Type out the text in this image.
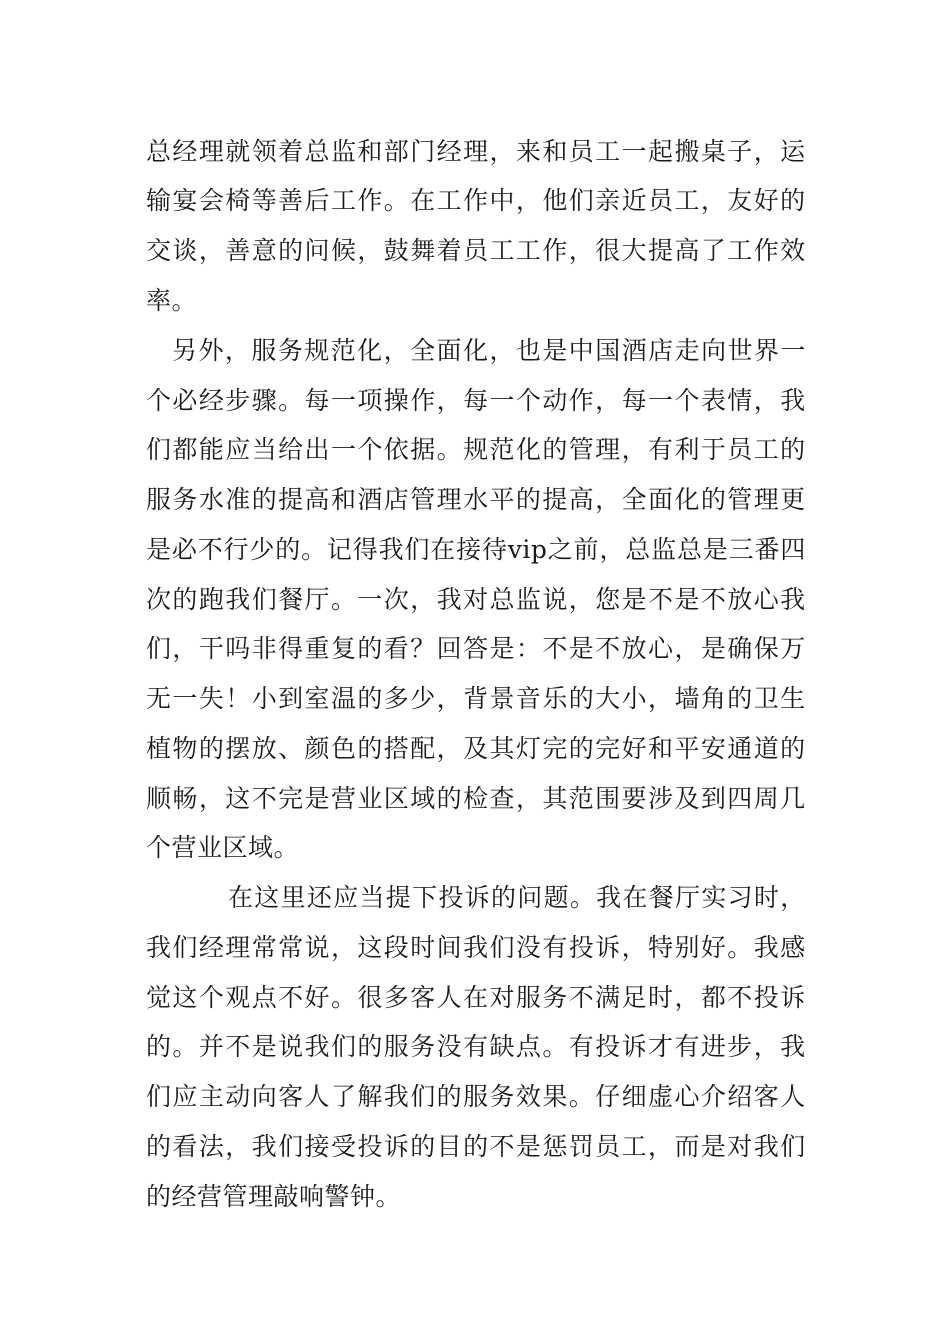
总 经 理 就 领 着 总 监 和 部 门 经 理 ， 来 和 员 工 一 起 搬 桌 子 ， 运
输 宴 会 椅 等 善 后 工 作 。 在 工 作 中 ， 他 们 亲 近 员 工 ， 友 好 的
交 谈 ， 善 意 的 问 候 ， 鼓 舞 着 员 工 工 作 ， 很 大 提 高 了 工 作 效
率。
另 外 ， 服 务 规 范 化 ， 全 面 化 ， 也 是 中 国 酒 店 走 向 世 界 一
个 必 经 步 骤 。 每 一 项 操 作 ， 每 一 个 动 作 ， 每 一 个 表 情 ， 我
们 都 能 应 当 给 出 一 个 依 据 。 规 范 化 的 管 理 ， 有 利 于 员 工 的
服 务 水 准 的 提 高 和 酒 店 管 理 水 平 的 提 高 ， 全 面 化 的 管 理 更
是 必 不 行 少 的 。 记 得 我 们 在 接 待 vip 之 前 ， 总 监 总 是 三 番 四
次 的 跑 我 们 餐 厅 。 一 次 ， 我 对 总 监 说 ， 您 是 不 是 不 放 心 我
们 ， 干 吗 非 得 重 复 的 看 ？ 回 答 是 ： 不 是 不 放 心 ， 是 确 保 万
无 一 失 ！ 小 到 室 温 的 多 少 ， 背 景 音 乐 的 大 小 ， 墙 角 的 卫 生
植 物 的 摆 放 、 颜 色 的 搭 配 ， 及 其 灯 完 的 完 好 和 平 安 通 道 的
顺 畅 ， 这 不 完 是 营 业 区 域 的 检 查 ， 其 范 围 要 涉 及 到 四 周 几
个营业区域。
在 这 里 还 应 当 提 下 投 诉 的 问 题 。 我 在 餐 厅 实 习 时 ，
我 们 经 理 常 常 说 ， 这 段 时 间 我 们 没 有 投 诉 ， 特 别 好 。 我 感
觉 这 个 观 点 不 好 。 很 多 客 人 在 对 服 务 不 满 足 时 ， 都 不 投 诉
的 。 并 不 是 说 我 们 的 服 务 没 有 缺 点 。 有 投 诉 才 有 进 步 ， 我
们 应 主 动 向 客 人 了 解 我 们 的 服 务 效 果 。 仔 细 虚 心 介 绍 客 人
的 看 法 ， 我 们 接 受 投 诉 的 目 的 不 是 惩 罚 员 工 ， 而 是 对 我 们
的经营管理敲响警钟。
